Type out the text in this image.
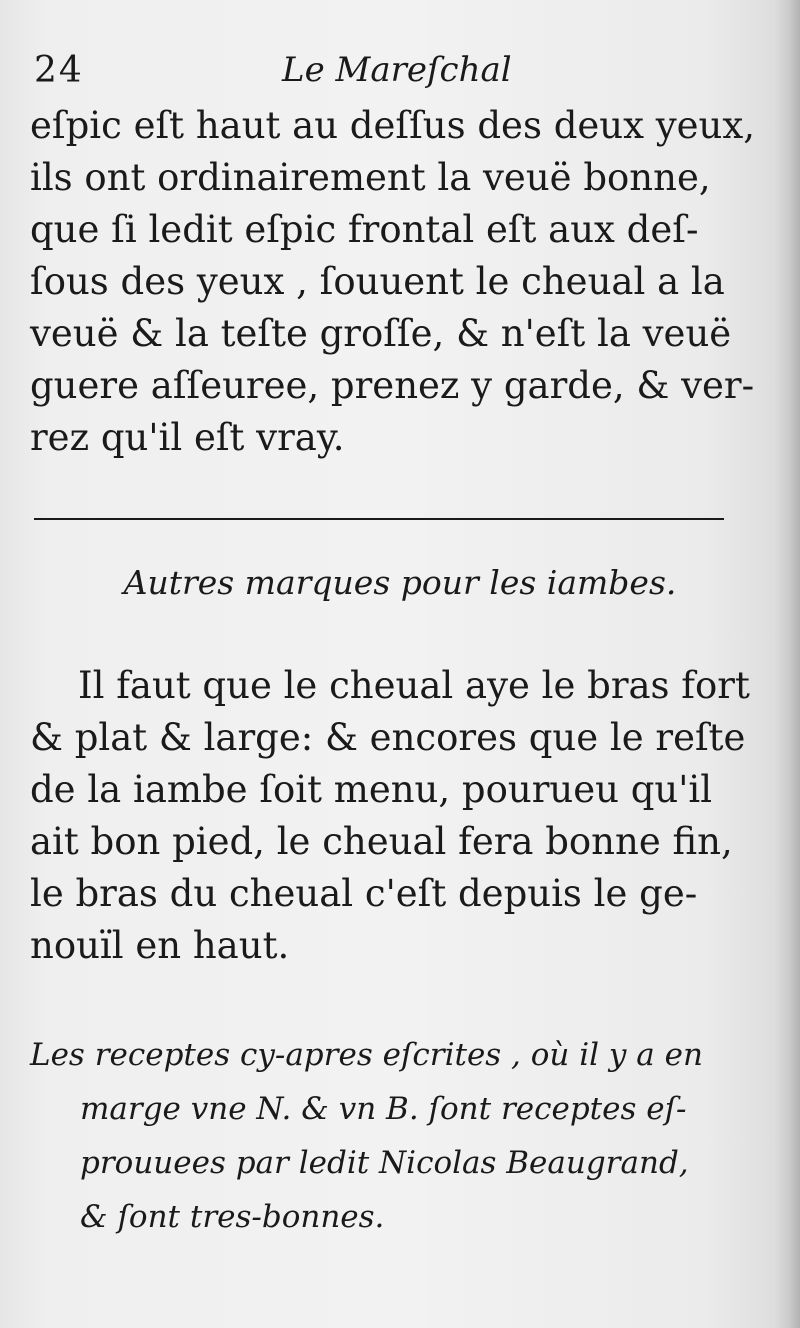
24	Le Mareſchal
eſpic eſt haut au deſſus des deux yeux,
ils ont ordinairement la veuë bonne,
que ſi ledit eſpic frontal eſt aux deſ-
ſous des yeux , ſouuent le cheual a la
veuë & la teſte groſſe, & n'eſt la veuë
guere aſſeuree, prenez y garde, & ver-
rez qu'il eſt vray.
Autres marques pour les iambes.
Il faut que le cheual aye le bras fort
& plat & large: & encores que le reſte
de la iambe ſoit menu, pourueu qu'il
ait bon pied, le cheual fera bonne fin,
le bras du cheual c'eſt depuis le ge-
nouïl en haut.
Les receptes cy-apres eſcrites , où il y a en
marge vne N. & vn B. ſont receptes eſ-
prouuees par ledit Nicolas Beaugrand,
& ſont tres-bonnes.
